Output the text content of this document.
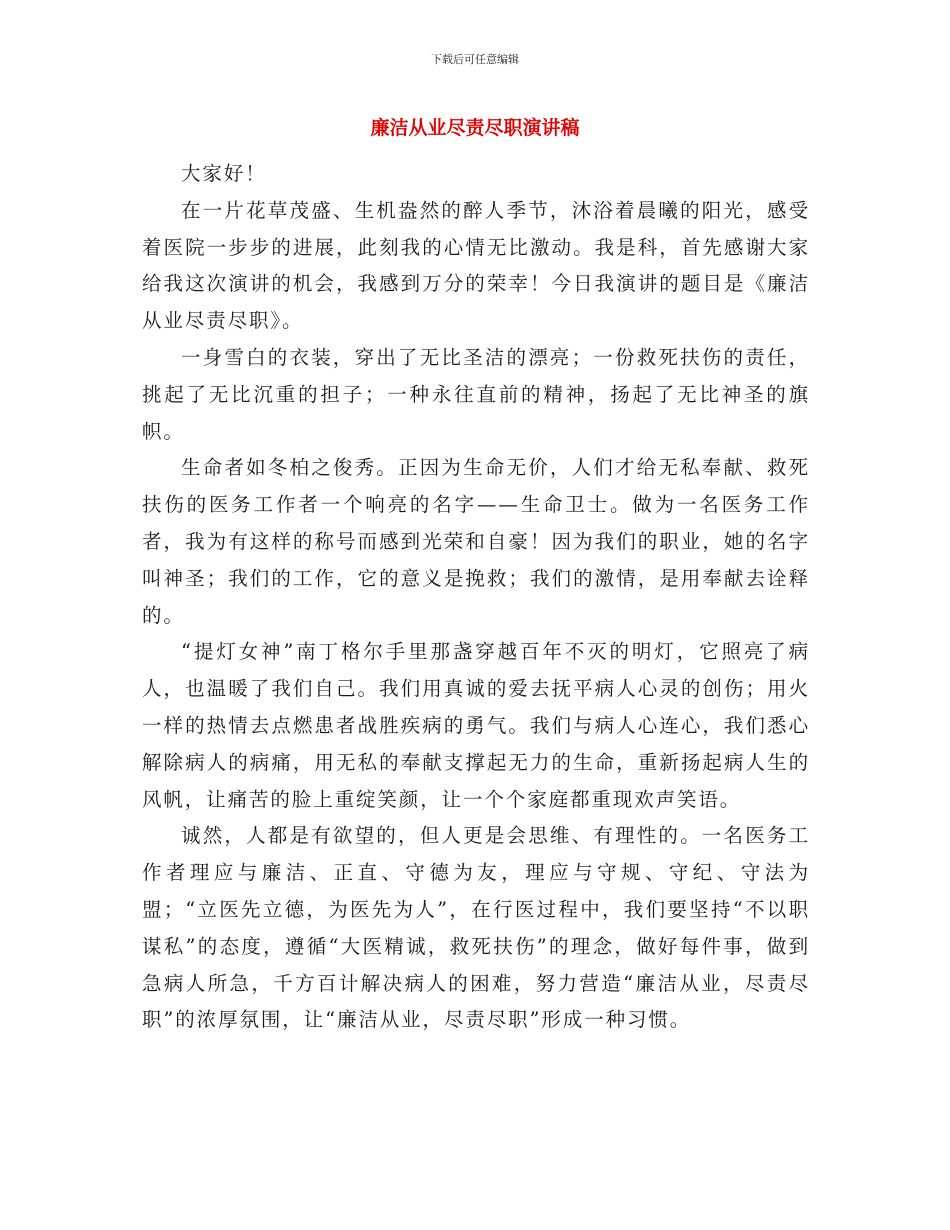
下载后可任意编辑
廉洁从业尽责尽职演讲稿

大家好！

在一片花草茂盛、生机盎然的醉人季节，沐浴着晨曦的阳光，感受着医院一步步的进展，此刻我的心情无比激动。我是科，首先感谢大家给我这次演讲的机会，我感到万分的荣幸！今日我演讲的题目是《廉洁从业尽责尽职》。

一身雪白的衣装，穿出了无比圣洁的漂亮；一份救死扶伤的责任，挑起了无比沉重的担子；一种永往直前的精神，扬起了无比神圣的旗帜。

生命者如冬柏之俊秀。正因为生命无价，人们才给无私奉献、救死扶伤的医务工作者一个响亮的名字——生命卫士。做为一名医务工作者，我为有这样的称号而感到光荣和自豪！因为我们的职业，她的名字叫神圣；我们的工作，它的意义是挽救；我们的激情，是用奉献去诠释的。

“提灯女神”南丁格尔手里那盏穿越百年不灭的明灯，它照亮了病人，也温暖了我们自己。我们用真诚的爱去抚平病人心灵的创伤；用火一样的热情去点燃患者战胜疾病的勇气。我们与病人心连心，我们悉心解除病人的病痛，用无私的奉献支撑起无力的生命，重新扬起病人生的风帆，让痛苦的脸上重绽笑颜，让一个个家庭都重现欢声笑语。

诚然，人都是有欲望的，但人更是会思维、有理性的。一名医务工作者理应与廉洁、正直、守德为友，理应与守规、守纪、守法为盟；“立医先立德，为医先为人”，在行医过程中，我们要坚持“不以职谋私”的态度，遵循“大医精诚，救死扶伤”的理念，做好每件事，做到急病人所急，千方百计解决病人的困难，努力营造“廉洁从业，尽责尽职”的浓厚氛围，让“廉洁从业，尽责尽职”形成一种习惯。
